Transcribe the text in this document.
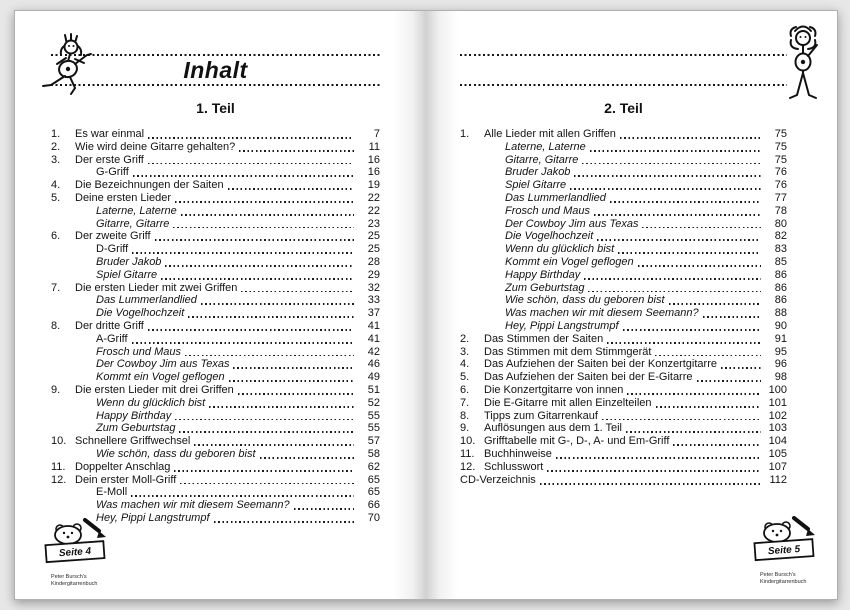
Inhalt
1. Teil
1.	Es war einmal	7
2.	Wie wird deine Gitarre gehalten?	11
3.	Der erste Griff	16
G-Griff	16
4.	Die Bezeichnungen der Saiten	19
5.	Deine ersten Lieder	22
Laterne, Laterne	22
Gitarre, Gitarre	23
6.	Der zweite Griff	25
D-Griff	25
Bruder Jakob	28
Spiel Gitarre	29
7.	Die ersten Lieder mit zwei Griffen	32
Das Lummerlandlied	33
Die Vogelhochzeit	37
8.	Der dritte Griff	41
A-Griff	41
Frosch und Maus	42
Der Cowboy Jim aus Texas	46
Kommt ein Vogel geflogen	49
9.	Die ersten Lieder mit drei Griffen	51
Wenn du glücklich bist	52
Happy Birthday	55
Zum Geburtstag	55
10. Schnellere Griffwechsel	57
Wie schön, dass du geboren bist	58
11. Doppelter Anschlag	62
12. Dein erster Moll-Griff	65
E-Moll	65
Was machen wir mit diesem Seemann?	66
Hey, Pippi Langstrumpf	70
Seite 4
Peter Bursch's
Kindergitarrenbuch
2. Teil
1.	Alle Lieder mit allen Griffen	75
Laterne, Laterne	75
Gitarre, Gitarre	75
Bruder Jakob	76
Spiel Gitarre	76
Das Lummerlandlied	77
Frosch und Maus	78
Der Cowboy Jim aus Texas	80
Die Vogelhochzeit	82
Wenn du glücklich bist	83
Kommt ein Vogel geflogen	85
Happy Birthday	86
Zum Geburtstag	86
Wie schön, dass du geboren bist	86
Was machen wir mit diesem Seemann?	88
Hey, Pippi Langstrumpf	90
2.	Das Stimmen der Saiten	91
3.	Das Stimmen mit dem Stimmgerät	95
4.	Das Aufziehen der Saiten bei der Konzertgitarre	96
5.	Das Aufziehen der Saiten bei der E-Gitarre	98
6.	Die Konzertgitarre von innen	100
7.	Die E-Gitarre mit allen Einzelteilen	101
8.	Tipps zum Gitarrenkauf	102
9.	Auflösungen aus dem 1. Teil	103
10. Grifftabelle mit G-, D-, A- und Em-Griff	104
11. Buchhinweise	105
12. Schlusswort	107
CD-Verzeichnis	112
Seite 5
Peter Bursch's
Kindergitarrenbuch
